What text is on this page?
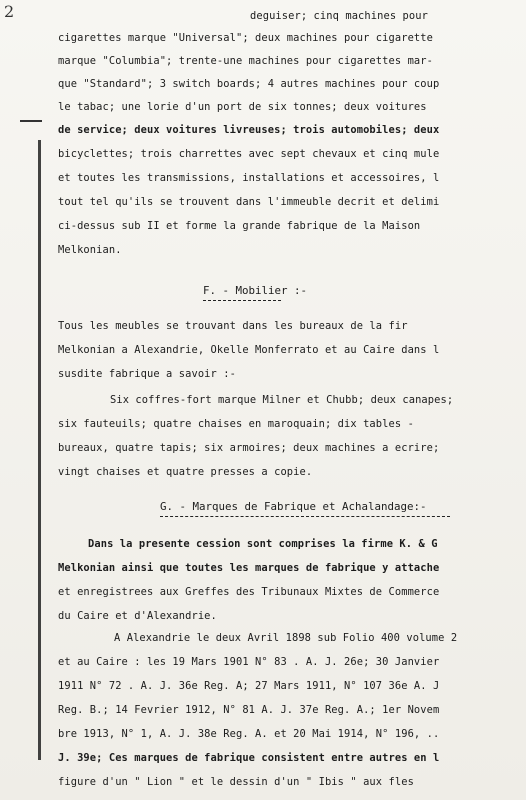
2	deguiser; cinq machines pour
cigarettes marque "Universal"; deux machines pour cigarette
marque "Columbia"; trente-une machines pour cigarettes mar-
que "Standard"; 3 switch boards; 4 autres machines pour coup
le tabac; une lorie d'un port de six tonnes; deux voitures
de service; deux voitures livreuses; trois automobiles; deux
bicyclettes; trois charrettes avec sept chevaux et cinq mule
et toutes les transmissions, installations et accessoires, l
tout tel qu'ils se trouvent dans l'immeuble decrit et delimi
ci-dessus sub II et forme la grande fabrique de la Maison
Melkonian.
F. - Mobilier :-
Tous les meubles se trouvant dans les bureaux de la fir
Melkonian a Alexandrie, Okelle Monferrato et au Caire dans l
susdite fabrique a savoir :-
Six coffres-fort marque Milner et Chubb; deux canapes;
six fauteuils; quatre chaises en maroquain; dix tables -
bureaux, quatre tapis; six armoires; deux machines a ecrire;
vingt chaises et quatre presses a copie.
G. - Marques de Fabrique et Achalandage:-
Dans la presente cession sont comprises la firme K. & G
Melkonian ainsi que toutes les marques de fabrique y attache
et enregistrees aux Greffes des Tribunaux Mixtes de Commerce
du Caire et d'Alexandrie.
A Alexandrie le deux Avril 1898 sub Folio 400 volume 2
et au Caire : les 19 Mars 1901 N° 83 . A. J. 26e; 30 Janvier
1911 N° 72 . A. J. 36e Reg. A; 27 Mars 1911, N° 107 36e A. J
Reg. B.; 14 Fevrier 1912, N° 81 A. J. 37e Reg. A.; 1er Novem
bre 1913, N° 1, A. J. 38e Reg. A. et 20 Mai 1914, N° 196, ..
J. 39e; Ces marques de fabrique consistent entre autres en l
figure d'un " Lion " et le dessin d'un " Ibis " aux fles
